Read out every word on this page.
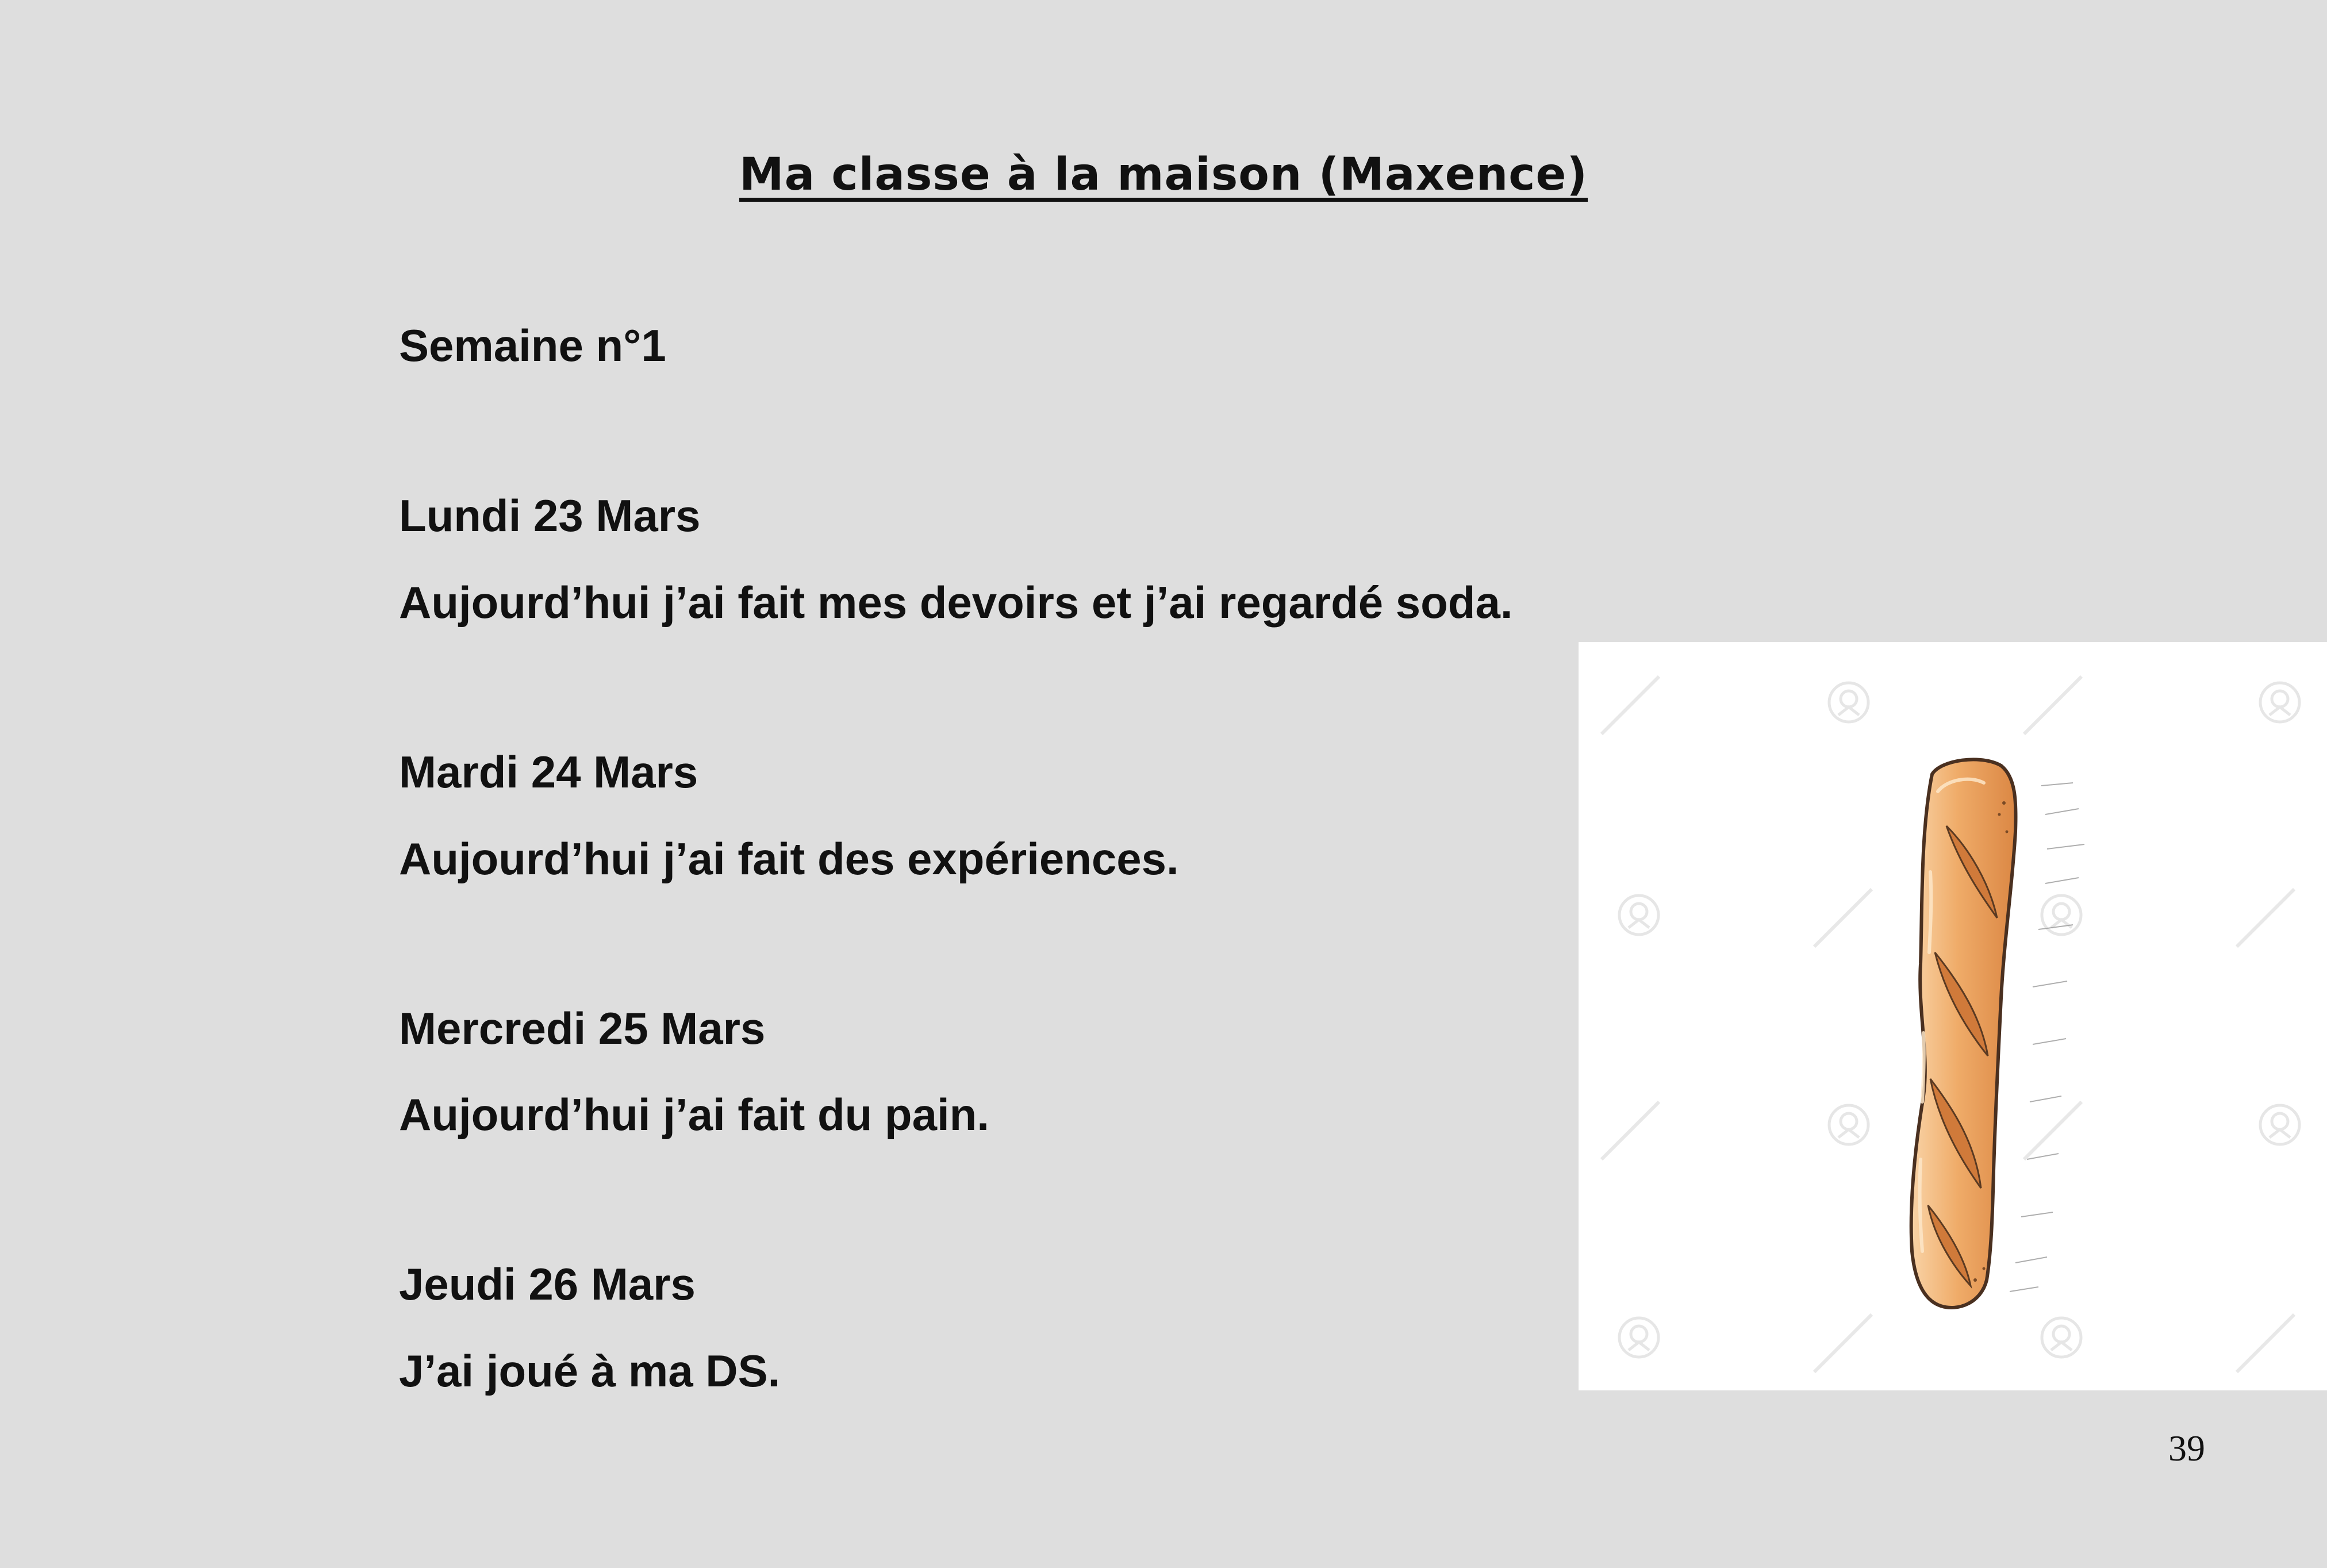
Ma classe à la maison (Maxence)

Semaine n°1

Lundi 23 Mars

Aujourd’hui j’ai fait mes devoirs et j’ai regardé soda.

Mardi 24 Mars

Aujourd’hui j’ai fait des expériences.

Mercredi 25 Mars

Aujourd’hui j’ai fait du pain.

Jeudi 26 Mars

J’ai joué à ma DS.

39
